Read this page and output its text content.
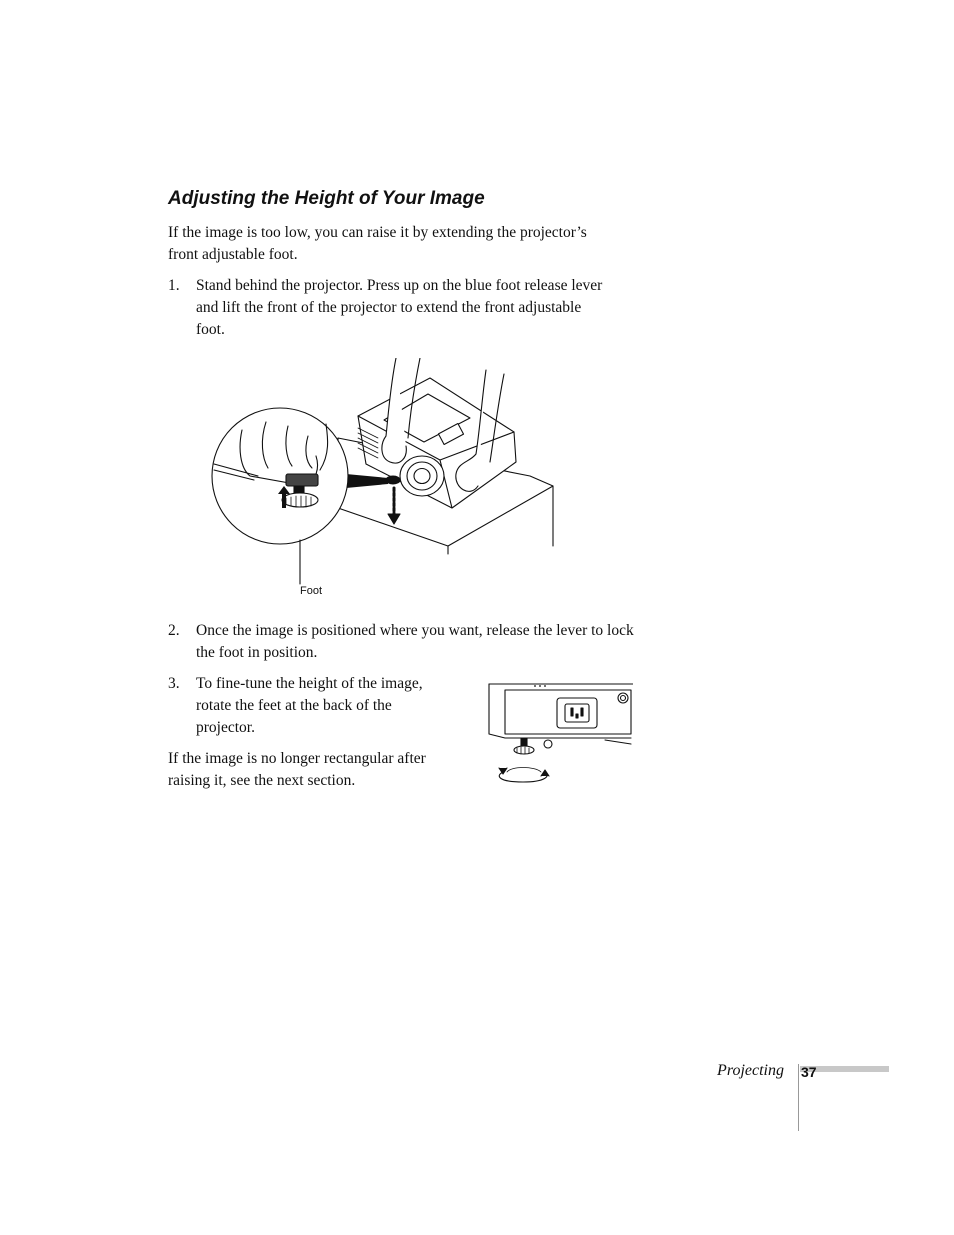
Adjusting the Height of Your Image

If the image is too low, you can raise it by extending the projector’s front adjustable foot.

1.	Stand behind the projector. Press up on the blue foot release lever and lift the front of the projector to extend the front adjustable foot.
Foot
2.	Once the image is positioned where you want, release the lever to lock the foot in position.
3.	To fine-tune the height of the image, rotate the feet at the back of the projector.

If the image is no longer rectangular after raising it, see the next section.

Projecting 37
